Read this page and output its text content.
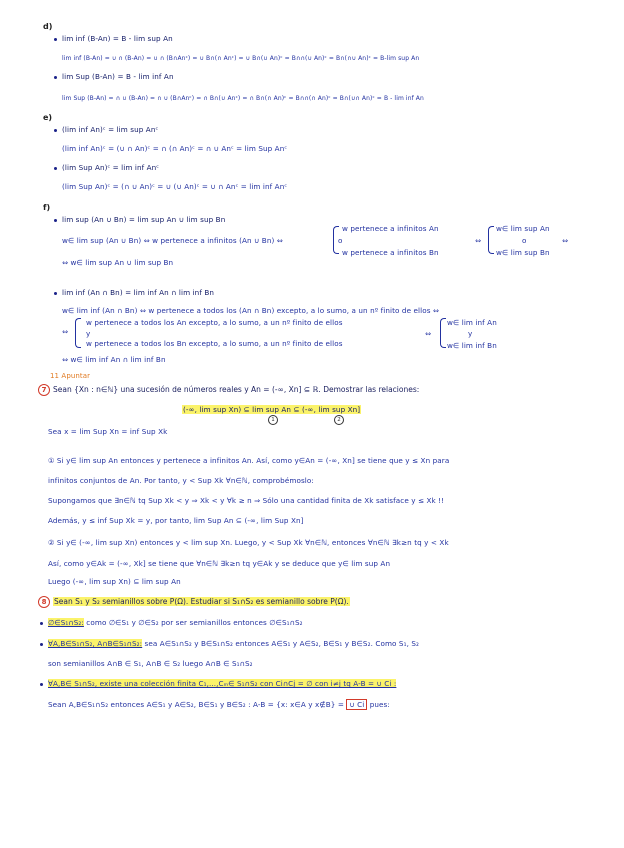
d)
lim inf (B-An) = B - lim sup An
lim inf (B-An) = ∪ ∩ (B-An) = ∪ ∩ (B∩Anᶜ) = ∪ B∩(∩ Anᶜ) = ∪ B∩(∪ An)ᶜ = B∩∩(∪ An)ᶜ = B∩(∩∪ An)ᶜ = B-lim sup An
lim Sup (B-An) = B - lim inf An
lim Sup (B-An) = ∩ ∪ (B-An) = ∩ ∪ (B∩Anᶜ) = ∩ B∩(∪ Anᶜ) = ∩ B∩(∩ An)ᶜ = B∩∩(∩ An)ᶜ = B∩(∪∩ An)ᶜ = B - lim inf An
e)
(lim inf An)ᶜ = lim sup Anᶜ
(lim inf An)ᶜ = (∪ ∩ An)ᶜ = ∩ (∩ An)ᶜ = ∩ ∪ Anᶜ = lim Sup Anᶜ
(lim Sup An)ᶜ = lim inf Anᶜ
(lim Sup An)ᶜ = (∩ ∪ An)ᶜ = ∪ (∪ An)ᶜ = ∪ ∩ Anᶜ = lim inf Anᶜ
f)
lim sup (An ∪ Bn) = lim sup An ∪ lim sup Bn
w∈ lim sup (An ∪ Bn) ⇔ w pertenece a infinitos (An ∪ Bn) ⇔
w pertenece a infinitos An
o
w pertenece a infinitos Bn
⇔
w∈ lim sup An
o
w∈ lim sup Bn
⇔
⇔ w∈ lim sup An ∪ lim sup Bn
lim inf (An ∩ Bn) = lim inf An ∩ lim inf Bn
w∈ lim inf (An ∩ Bn) ⇔ w pertenece a todos los (An ∩ Bn) excepto, a lo sumo, a un nº finito de ellos ⇔
⇔
w pertenece a todos los An excepto, a lo sumo, a un nº finito de ellos
y
w pertenece a todos los Bn excepto, a lo sumo, a un nº finito de ellos
⇔
w∈ lim inf An
y
w∈ lim inf Bn
⇔ w∈ lim inf An ∩ lim inf Bn
11 Apuntar
7 Sean {Xn : n∈ℕ} una sucesión de números reales y An = (-∞, Xn] ⊆ ℝ. Demostrar las relaciones:
(-∞, lim sup Xn) ⊆ lim sup An ⊆ (-∞, lim sup Xn]
1	2
Sea x = lim Sup Xn = inf Sup Xk
① Si y∈ lim sup An entonces y pertenece a infinitos An. Así, como y∈An = (-∞, Xn] se tiene que y ≤ Xn para
infinitos conjuntos de An. Por tanto, y < Sup Xk ∀n∈ℕ, comprobémoslo:
Supongamos que ∃n∈ℕ tq Sup Xk < y ⇒ Xk < y ∀k ≥ n ⇒ Sólo una cantidad finita de Xk satisface y ≤ Xk !!
Además, y ≤ inf Sup Xk = y, por tanto, lim Sup An ⊆ (-∞, lim Sup Xn]
② Si y∈ (-∞, lim sup Xn) entonces y < lim sup Xn. Luego, y < Sup Xk ∀n∈ℕ, entonces ∀n∈ℕ ∃k≥n tq y < Xk
Así, como y∈Ak = (-∞, Xk] se tiene que ∀n∈ℕ ∃k≥n tq y∈Ak y se deduce que y∈ lim sup An
Luego (-∞, lim sup Xn) ⊆ lim sup An
8 Sean S₁ y S₂ semianillos sobre P(Ω). Estudiar si S₁∩S₂ es semianillo sobre P(Ω).
∅∈S₁∩S₂: como ∅∈S₁ y ∅∈S₂ por ser semianillos entonces ∅∈S₁∩S₂
∀A,B∈S₁∩S₂, A∩B∈S₁∩S₂: sea A∈S₁∩S₂ y B∈S₁∩S₂ entonces A∈S₁ y A∈S₂, B∈S₁ y B∈S₂. Como S₁, S₂
son semianillos A∩B ∈ S₁, A∩B ∈ S₂ luego A∩B ∈ S₁∩S₂
∀A,B∈ S₁∩S₂, existe una colección finita C₁,...,Cₘ∈ S₁∩S₂ con Ci∩Cj = ∅ con i≠j tq A-B = ∪ Ci :
Sean A,B∈S₁∩S₂ entonces A∈S₁ y A∈S₂, B∈S₁ y B∈S₂ : A-B = {x: x∈A y x∉B} = ∪ Ci pues:
